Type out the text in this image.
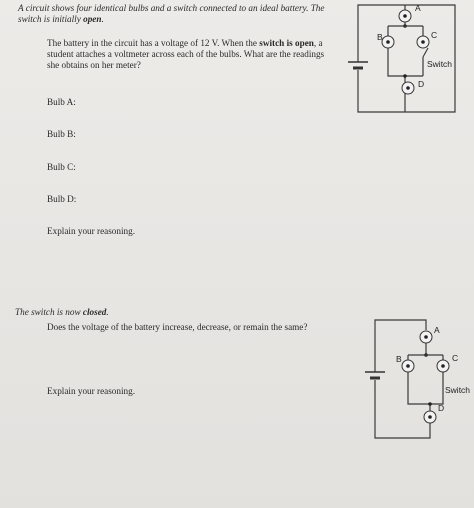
A circuit shows four identical bulbs and a switch connected to an ideal battery. The
switch is initially open.
The battery in the circuit has a voltage of 12 V. When the switch is open, a
student attaches a voltmeter across each of the bulbs. What are the readings
she obtains on her meter?
Bulb A:
Bulb B:
Bulb C:
Bulb D:
Explain your reasoning.
The switch is now closed.
Does the voltage of the battery increase, decrease, or remain the same?
Explain your reasoning.
A
B	C
D
Switch
A
B	C
D
Switch
